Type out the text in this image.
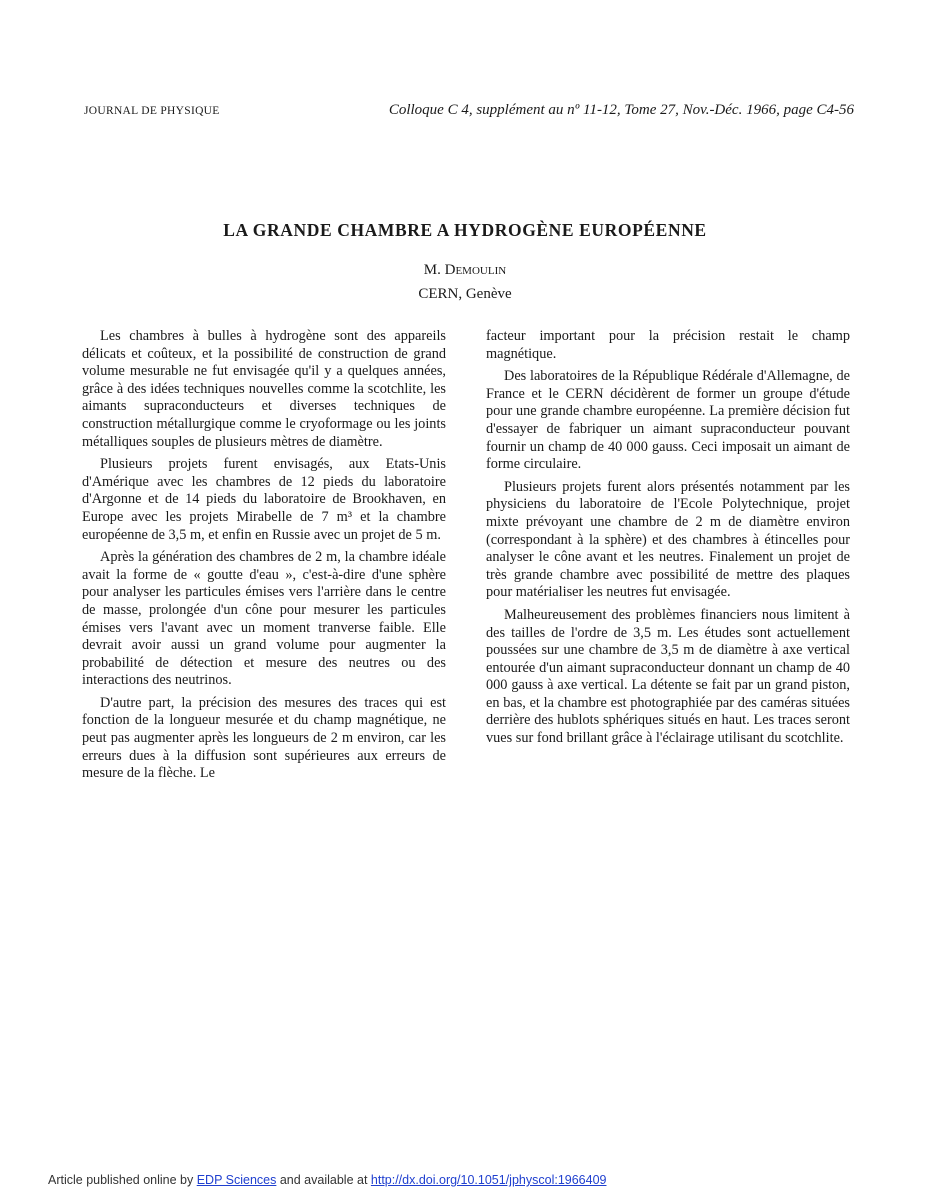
JOURNAL DE PHYSIQUE	Colloque C 4, supplément au nº 11-12, Tome 27, Nov.-Déc. 1966, page C4-56
LA GRANDE CHAMBRE A HYDROGÈNE EUROPÉENNE
M. Demoulin
CERN, Genève

Les chambres à bulles à hydrogène sont des appareils délicats et coûteux, et la possibilité de construction de grand volume mesurable ne fut envisagée qu'il y a quelques années, grâce à des idées techniques nouvelles comme la scotchlite, les aimants supraconducteurs et diverses techniques de construction métallurgique comme le cryoformage ou les joints métalliques souples de plusieurs mètres de diamètre.

Plusieurs projets furent envisagés, aux Etats-Unis d'Amérique avec les chambres de 12 pieds du laboratoire d'Argonne et de 14 pieds du laboratoire de Brookhaven, en Europe avec les projets Mirabelle de 7 m³ et la chambre européenne de 3,5 m, et enfin en Russie avec un projet de 5 m.

Après la génération des chambres de 2 m, la chambre idéale avait la forme de « goutte d'eau », c'est-à-dire d'une sphère pour analyser les particules émises vers l'arrière dans le centre de masse, prolongée d'un cône pour mesurer les particules émises vers l'avant avec un moment tranverse faible. Elle devrait avoir aussi un grand volume pour augmenter la probabilité de détection et mesure des neutres ou des interactions des neutrinos.

D'autre part, la précision des mesures des traces qui est fonction de la longueur mesurée et du champ magnétique, ne peut pas augmenter après les longueurs de 2 m environ, car les erreurs dues à la diffusion sont supérieures aux erreurs de mesure de la flèche. Le

facteur important pour la précision restait le champ magnétique.

Des laboratoires de la République Rédérale d'Allemagne, de France et le CERN décidèrent de former un groupe d'étude pour une grande chambre européenne. La première décision fut d'essayer de fabriquer un aimant supraconducteur pouvant fournir un champ de 40 000 gauss. Ceci imposait un aimant de forme circulaire.

Plusieurs projets furent alors présentés notamment par les physiciens du laboratoire de l'Ecole Polytechnique, projet mixte prévoyant une chambre de 2 m de diamètre environ (correspondant à la sphère) et des chambres à étincelles pour analyser le cône avant et les neutres. Finalement un projet de très grande chambre avec possibilité de mettre des plaques pour matérialiser les neutres fut envisagée.

Malheureusement des problèmes financiers nous limitent à des tailles de l'ordre de 3,5 m. Les études sont actuellement poussées sur une chambre de 3,5 m de diamètre à axe vertical entourée d'un aimant supraconducteur donnant un champ de 40 000 gauss à axe vertical. La détente se fait par un grand piston, en bas, et la chambre est photographiée par des caméras situées derrière des hublots sphériques situés en haut. Les traces seront vues sur fond brillant grâce à l'éclairage utilisant du scotchlite.

Article published online by EDP Sciences and available at http://dx.doi.org/10.1051/jphyscol:1966409
